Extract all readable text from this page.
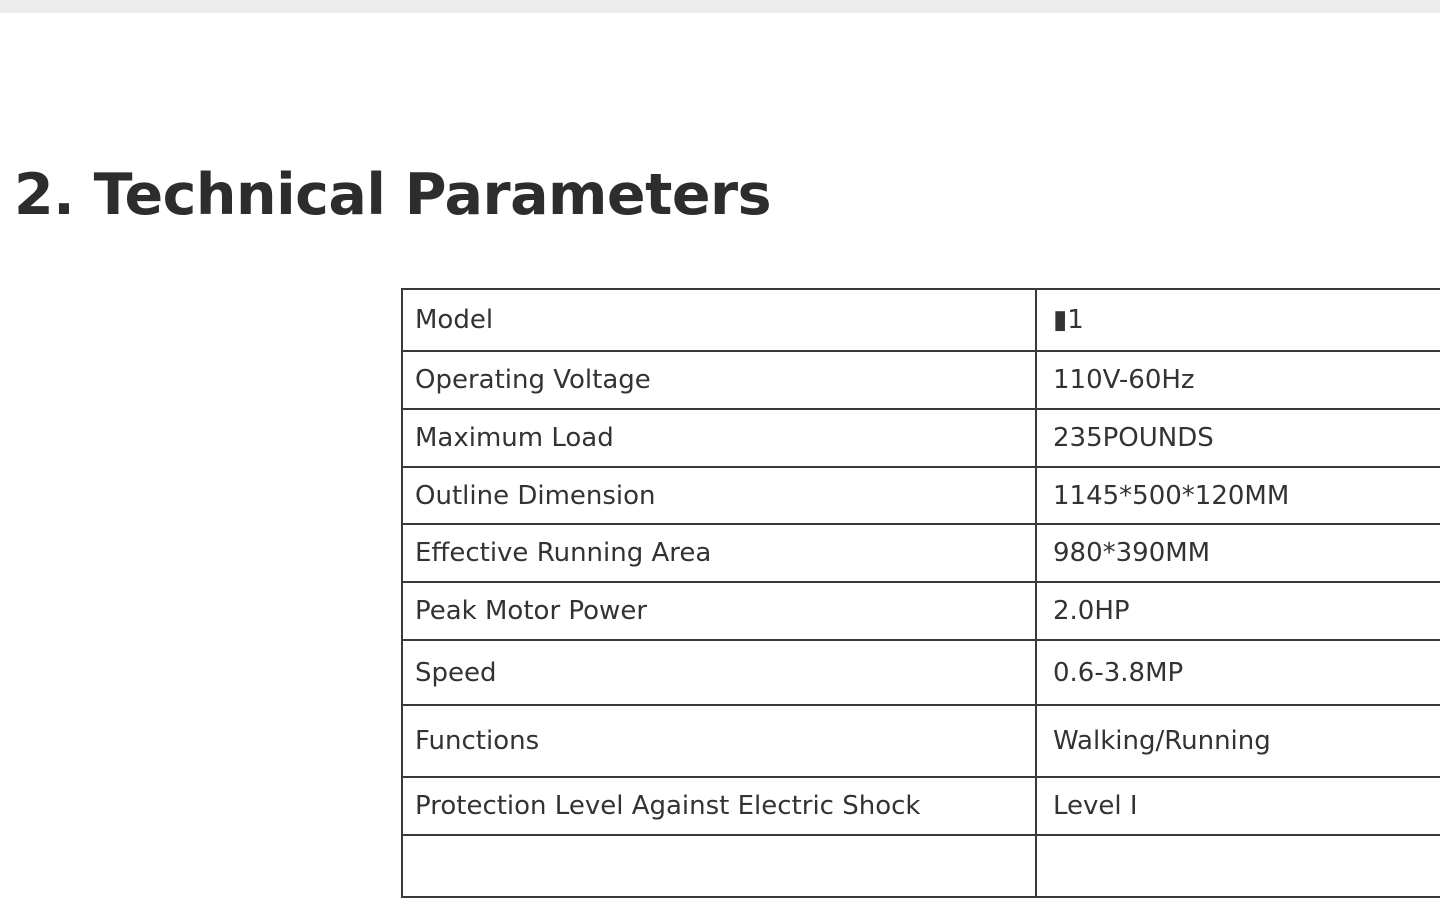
2. Technical Parameters
Model	▮1
Operating Voltage	110V-60Hz
Maximum Load	235POUNDS
Outline Dimension	1145*500*120MM
Effective Running Area	980*390MM
Peak Motor Power	2.0HP
Speed	0.6-3.8MP
Functions	Walking/Running
Protection Level Against Electric Shock	Level Ⅰ
